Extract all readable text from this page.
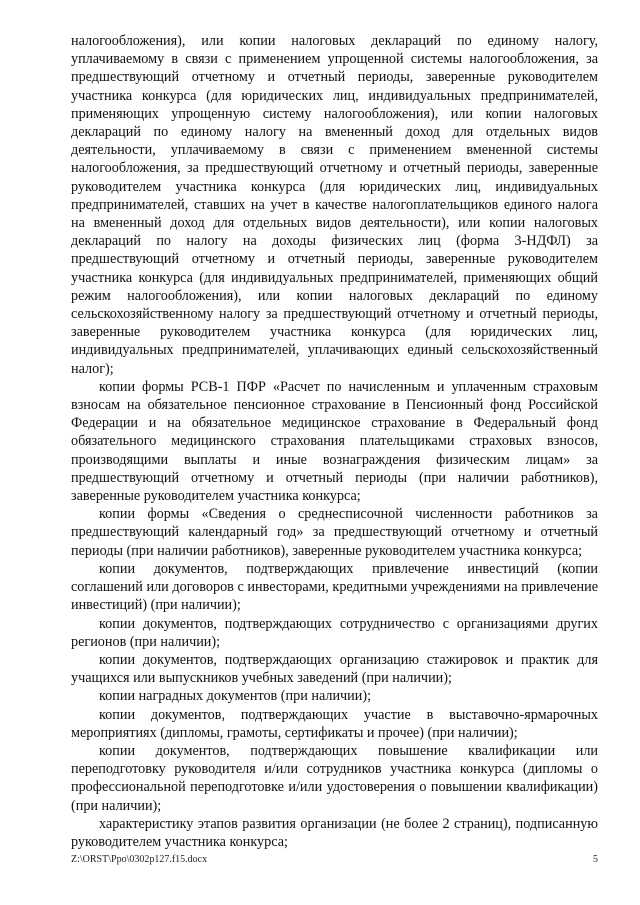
налогообложения), или копии налоговых деклараций по единому налогу, уплачиваемому в связи с применением упрощенной системы налогообложения, за предшествующий отчетному и отчетный периоды, заверенные руководителем участника конкурса (для юридических лиц, индивидуальных предпринимателей, применяющих упрощенную систему налогообложения), или копии налоговых деклараций по единому налогу на вмененный доход для отдельных видов деятельности, уплачиваемому в связи с применением вмененной системы налогообложения, за предшествующий отчетному и отчетный периоды, заверенные руководителем участника конкурса (для юридических лиц, индивидуальных предпринимателей, ставших на учет в качестве налогоплательщиков единого налога на вмененный доход для отдельных видов деятельности), или копии налоговых деклараций по налогу на доходы физических лиц (форма 3-НДФЛ) за предшествующий отчетному и отчетный периоды, заверенные руководителем участника конкурса (для индивидуальных предпринимателей, применяющих общий режим налогообложения), или копии налоговых деклараций по единому сельскохозяйственному налогу за предшествующий отчетному и отчетный периоды, заверенные руководителем участника конкурса (для юридических лиц, индивидуальных предпринимателей, уплачивающих единый сельскохозяйственный налог);

копии формы РСВ-1 ПФР «Расчет по начисленным и уплаченным страховым взносам на обязательное пенсионное страхование в Пенсионный фонд Российской Федерации и на обязательное медицинское страхование в Федеральный фонд обязательного медицинского страхования плательщиками страховых взносов, производящими выплаты и иные вознаграждения физическим лицам» за предшествующий отчетному и отчетный периоды (при наличии работников), заверенные руководителем участника конкурса;

копии формы «Сведения о среднесписочной численности работников за предшествующий календарный год» за предшествующий отчетному и отчетный периоды (при наличии работников), заверенные руководителем участника конкурса;

копии документов, подтверждающих привлечение инвестиций (копии соглашений или договоров с инвесторами, кредитными учреждениями на привлечение инвестиций) (при наличии);

копии документов, подтверждающих сотрудничество с организациями других регионов (при наличии);

копии документов, подтверждающих организацию стажировок и практик для учащихся или выпускников учебных заведений (при наличии);

копии наградных документов (при наличии);

копии документов, подтверждающих участие в выставочно-ярмарочных мероприятиях (дипломы, грамоты, сертификаты и прочее) (при наличии);

копии документов, подтверждающих повышение квалификации или переподготовку руководителя и/или сотрудников участника конкурса (дипломы о профессиональной переподготовке и/или удостоверения о повышении квалификации) (при наличии);

характеристику этапов развития организации (не более 2 страниц), подписанную руководителем участника конкурса;

Z:\ORST\Ppo\0302p127.f15.docx	5
